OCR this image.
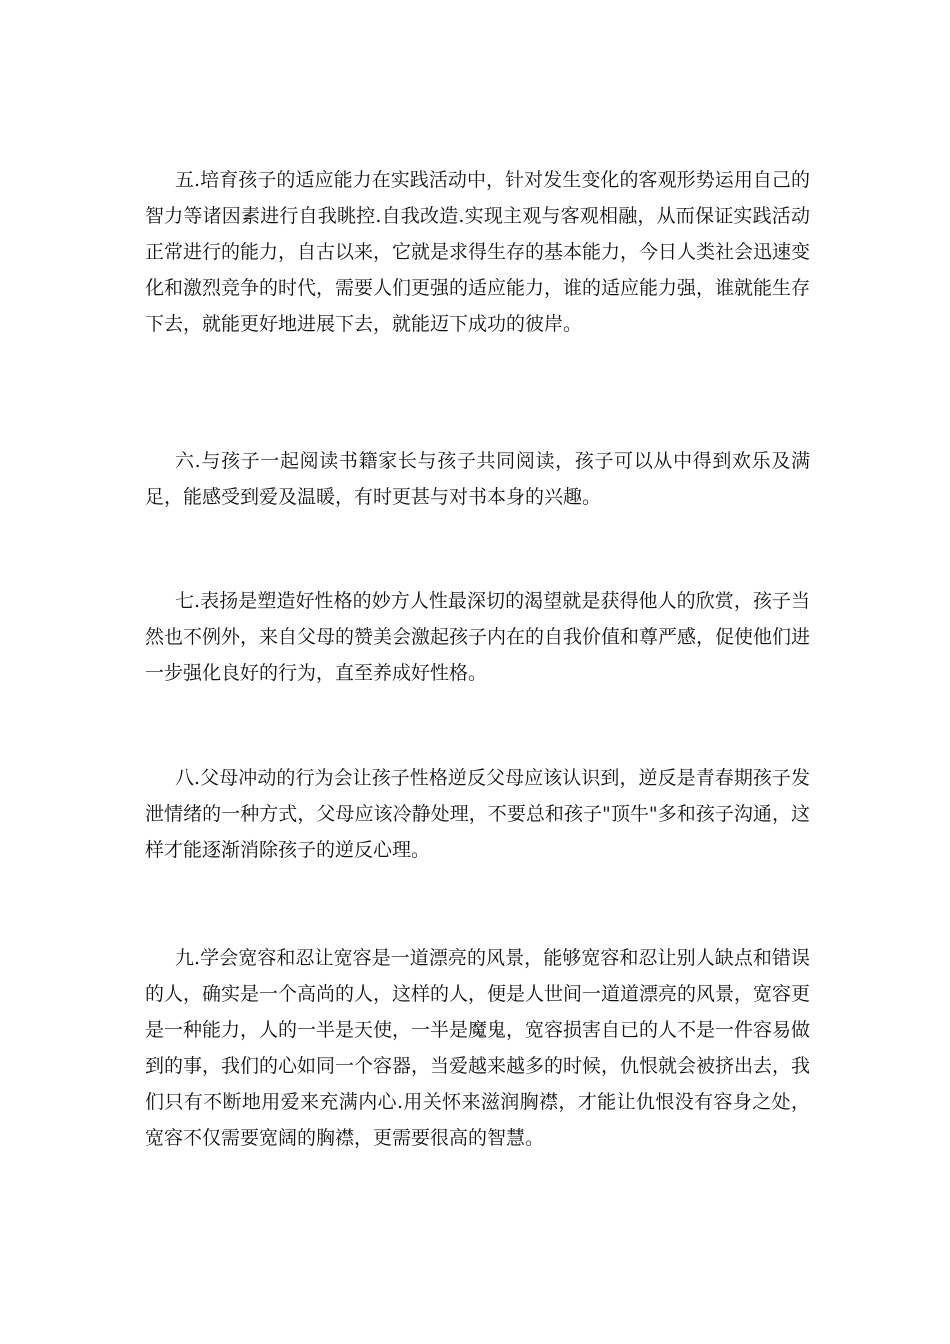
五.培育孩子的适应能力在实践活动中，针对发生变化的客观形势运用自己的智力等诸因素进行自我眺控.自我改造.实现主观与客观相融，从而保证实践活动正常进行的能力，自古以来，它就是求得生存的基本能力，今日人类社会迅速变化和激烈竞争的时代，需要人们更强的适应能力，谁的适应能力强，谁就能生存下去，就能更好地进展下去，就能迈下成功的彼岸。

六.与孩子一起阅读书籍家长与孩子共同阅读，孩子可以从中得到欢乐及满足，能感受到爱及温暖，有时更甚与对书本身的兴趣。

七.表扬是塑造好性格的妙方人性最深切的渴望就是获得他人的欣赏，孩子当然也不例外，来自父母的赞美会激起孩子内在的自我价值和尊严感，促使他们进一步强化良好的行为，直至养成好性格。

八.父母冲动的行为会让孩子性格逆反父母应该认识到，逆反是青春期孩子发泄情绪的一种方式，父母应该冷静处理，不要总和孩子"顶牛"多和孩子沟通，这样才能逐渐消除孩子的逆反心理。

九.学会宽容和忍让宽容是一道漂亮的风景，能够宽容和忍让别人缺点和错误的人，确实是一个高尚的人，这样的人，便是人世间一道道漂亮的风景，宽容更是一种能力，人的一半是天使，一半是魔鬼，宽容损害自已的人不是一件容易做到的事，我们的心如同一个容器，当爱越来越多的时候，仇恨就会被挤出去，我们只有不断地用爱来充满内心.用关怀来滋润胸襟，才能让仇恨没有容身之处，宽容不仅需要宽阔的胸襟，更需要很高的智慧。
